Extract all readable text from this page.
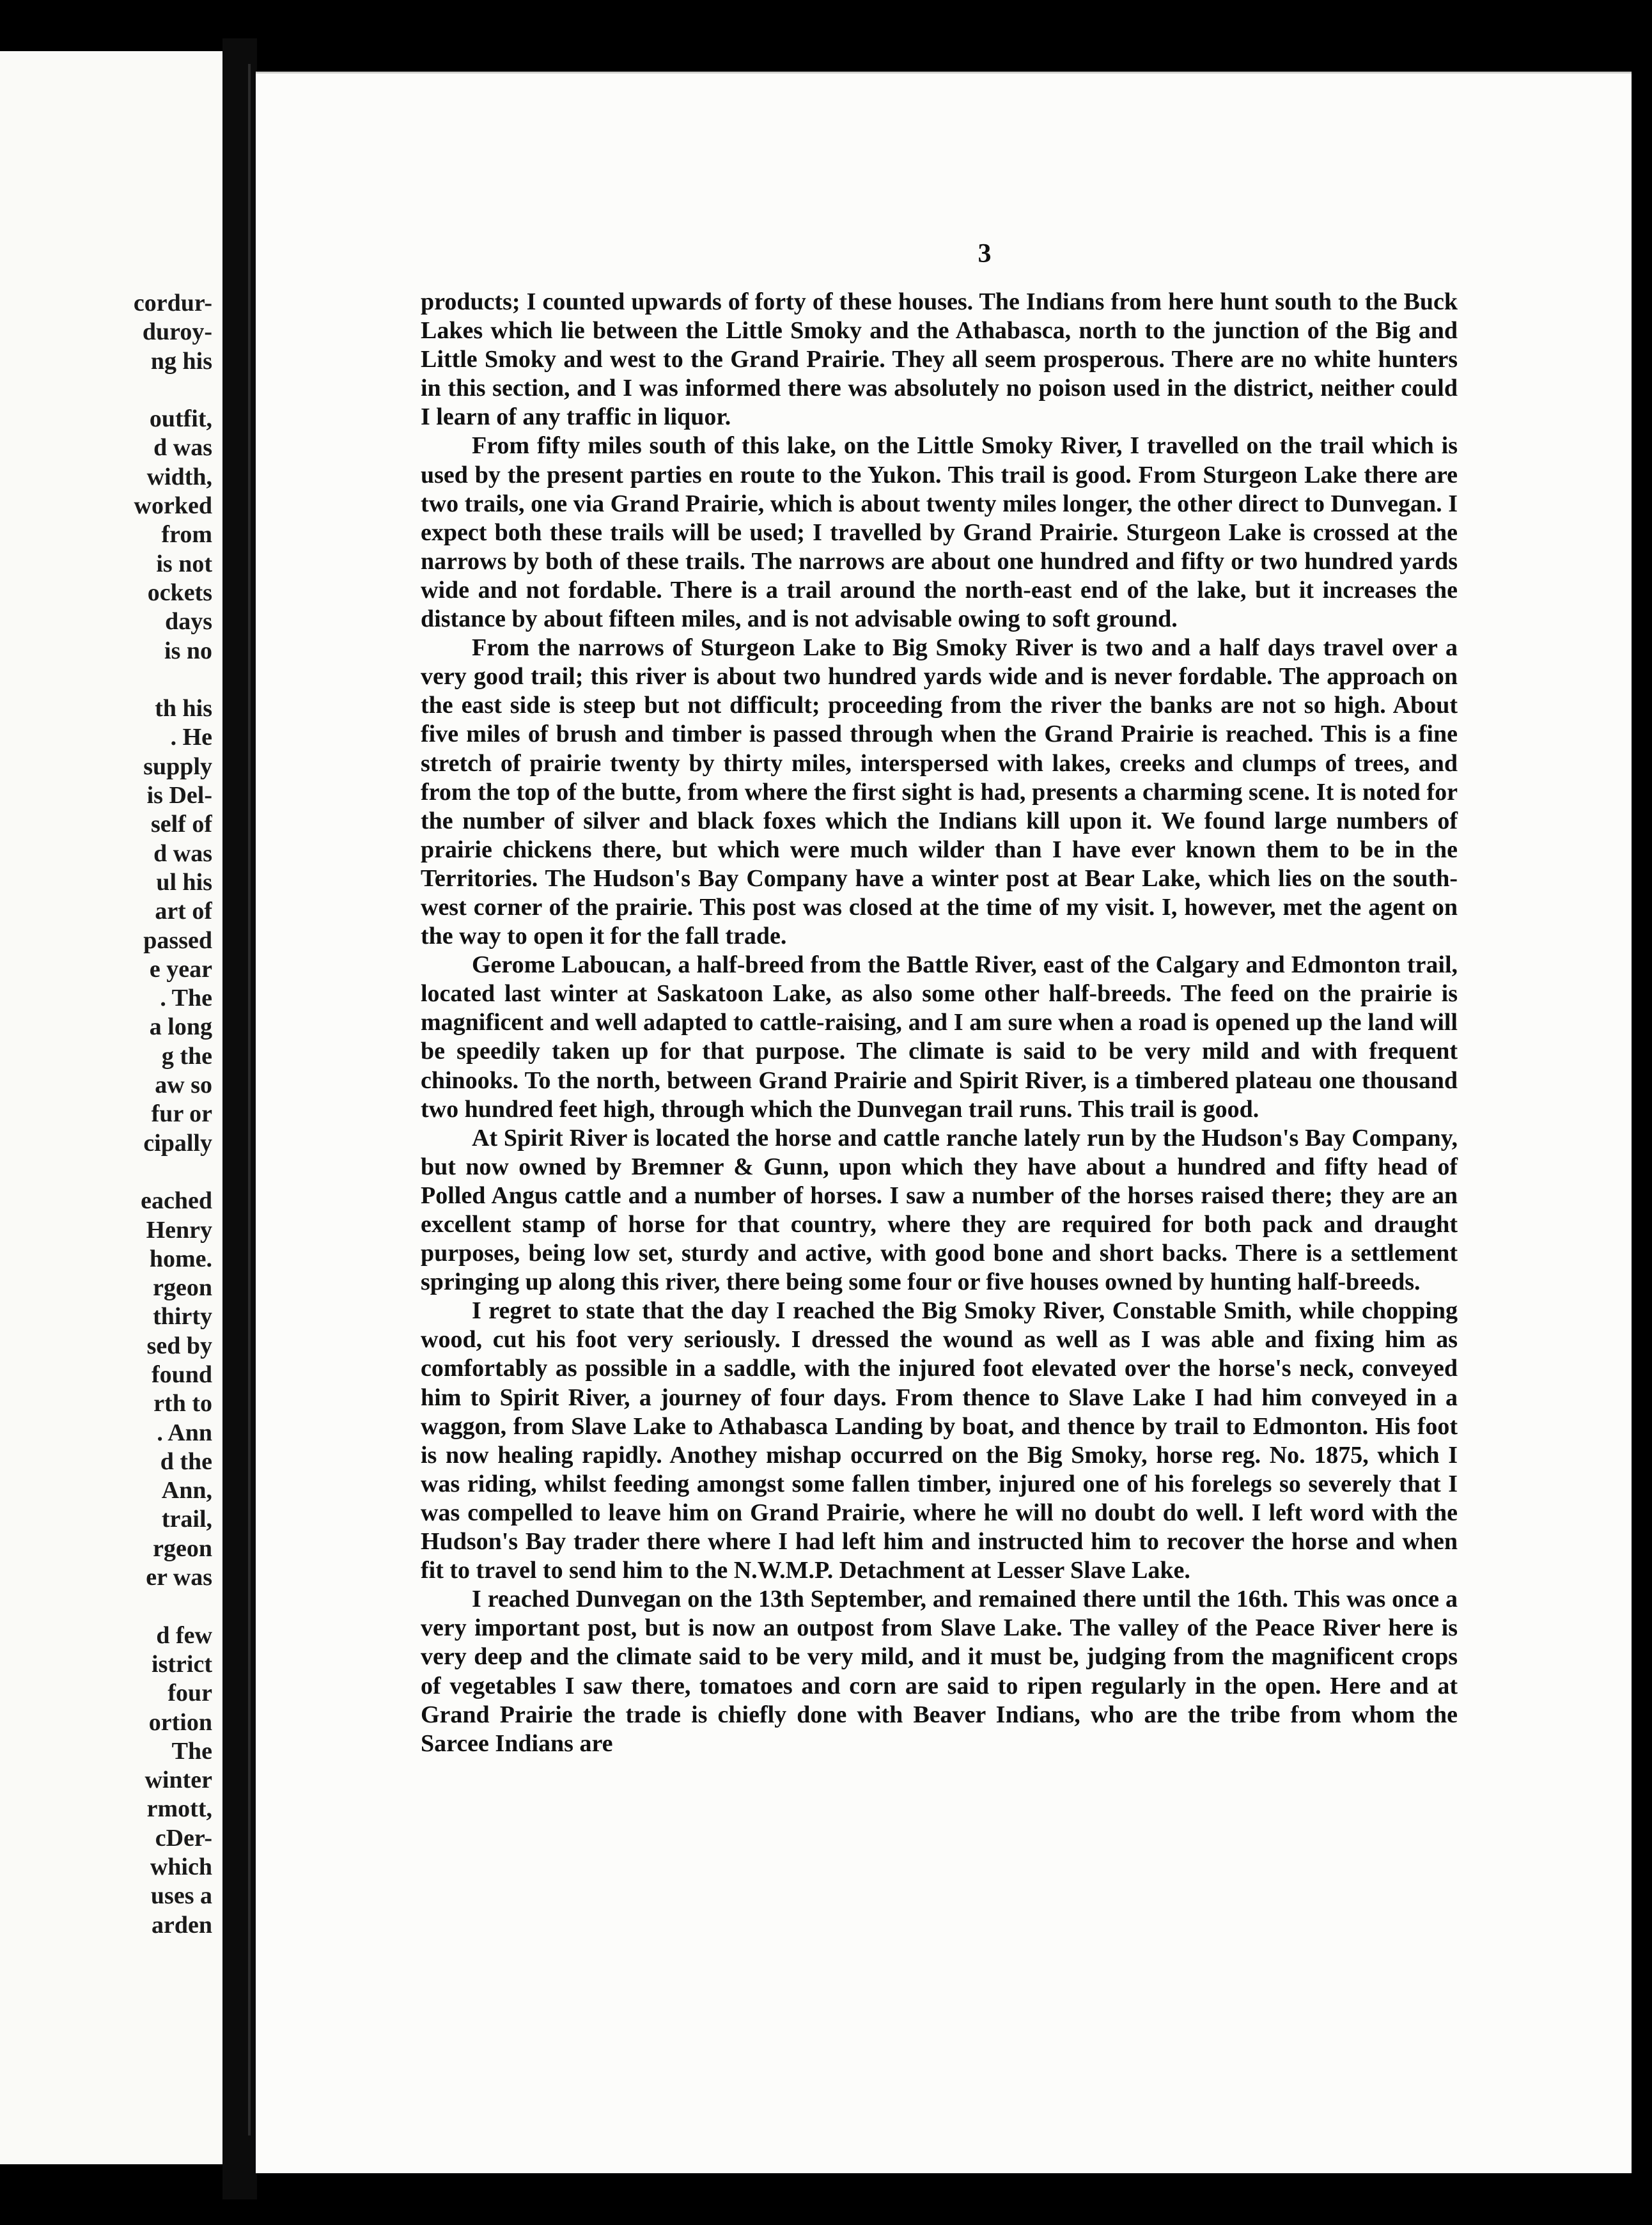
cordur-
duroy-
ng his
outfit,
d was
width,
worked
from
is not
ockets
days
is no
th his
. He
supply
is Del-
self of
d was
ul his
art of
passed
e year
. The
a long
g the
aw so
fur or
cipally
eached
Henry
home.
rgeon
thirty
sed by
found
rth to
. Ann
d the
Ann,
trail,
rgeon
er was
d few
istrict
four
ortion
The
winter
rmott,
cDer-
which
uses a
arden
3

products; I counted upwards of forty of these houses. The Indians from here hunt south to the Buck Lakes which lie between the Little Smoky and the Athabasca, north to the junction of the Big and Little Smoky and west to the Grand Prairie. They all seem prosperous. There are no white hunters in this section, and I was informed there was absolutely no poison used in the district, neither could I learn of any traffic in liquor.

From fifty miles south of this lake, on the Little Smoky River, I travelled on the trail which is used by the present parties en route to the Yukon. This trail is good. From Sturgeon Lake there are two trails, one via Grand Prairie, which is about twenty miles longer, the other direct to Dunvegan. I expect both these trails will be used; I travelled by Grand Prairie. Sturgeon Lake is crossed at the narrows by both of these trails. The narrows are about one hundred and fifty or two hundred yards wide and not fordable. There is a trail around the north-east end of the lake, but it increases the distance by about fifteen miles, and is not advisable owing to soft ground.

From the narrows of Sturgeon Lake to Big Smoky River is two and a half days travel over a very good trail; this river is about two hundred yards wide and is never fordable. The approach on the east side is steep but not difficult; proceeding from the river the banks are not so high. About five miles of brush and timber is passed through when the Grand Prairie is reached. This is a fine stretch of prairie twenty by thirty miles, interspersed with lakes, creeks and clumps of trees, and from the top of the butte, from where the first sight is had, presents a charming scene. It is noted for the number of silver and black foxes which the Indians kill upon it. We found large numbers of prairie chickens there, but which were much wilder than I have ever known them to be in the Territories. The Hudson's Bay Company have a winter post at Bear Lake, which lies on the south-west corner of the prairie. This post was closed at the time of my visit. I, however, met the agent on the way to open it for the fall trade.

Gerome Laboucan, a half-breed from the Battle River, east of the Calgary and Edmonton trail, located last winter at Saskatoon Lake, as also some other half-breeds. The feed on the prairie is magnificent and well adapted to cattle-raising, and I am sure when a road is opened up the land will be speedily taken up for that purpose. The climate is said to be very mild and with frequent chinooks. To the north, between Grand Prairie and Spirit River, is a timbered plateau one thousand two hundred feet high, through which the Dunvegan trail runs. This trail is good.

At Spirit River is located the horse and cattle ranche lately run by the Hudson's Bay Company, but now owned by Bremner & Gunn, upon which they have about a hundred and fifty head of Polled Angus cattle and a number of horses. I saw a number of the horses raised there; they are an excellent stamp of horse for that country, where they are required for both pack and draught purposes, being low set, sturdy and active, with good bone and short backs. There is a settlement springing up along this river, there being some four or five houses owned by hunting half-breeds.

I regret to state that the day I reached the Big Smoky River, Constable Smith, while chopping wood, cut his foot very seriously. I dressed the wound as well as I was able and fixing him as comfortably as possible in a saddle, with the injured foot elevated over the horse's neck, conveyed him to Spirit River, a journey of four days. From thence to Slave Lake I had him conveyed in a waggon, from Slave Lake to Athabasca Landing by boat, and thence by trail to Edmonton. His foot is now healing rapidly. Anothey mishap occurred on the Big Smoky, horse reg. No. 1875, which I was riding, whilst feeding amongst some fallen timber, injured one of his forelegs so severely that I was compelled to leave him on Grand Prairie, where he will no doubt do well. I left word with the Hudson's Bay trader there where I had left him and instructed him to recover the horse and when fit to travel to send him to the N.W.M.P. Detachment at Lesser Slave Lake.

I reached Dunvegan on the 13th September, and remained there until the 16th. This was once a very important post, but is now an outpost from Slave Lake. The valley of the Peace River here is very deep and the climate said to be very mild, and it must be, judging from the magnificent crops of vegetables I saw there, tomatoes and corn are said to ripen regularly in the open. Here and at Grand Prairie the trade is chiefly done with Beaver Indians, who are the tribe from whom the Sarcee Indians are
